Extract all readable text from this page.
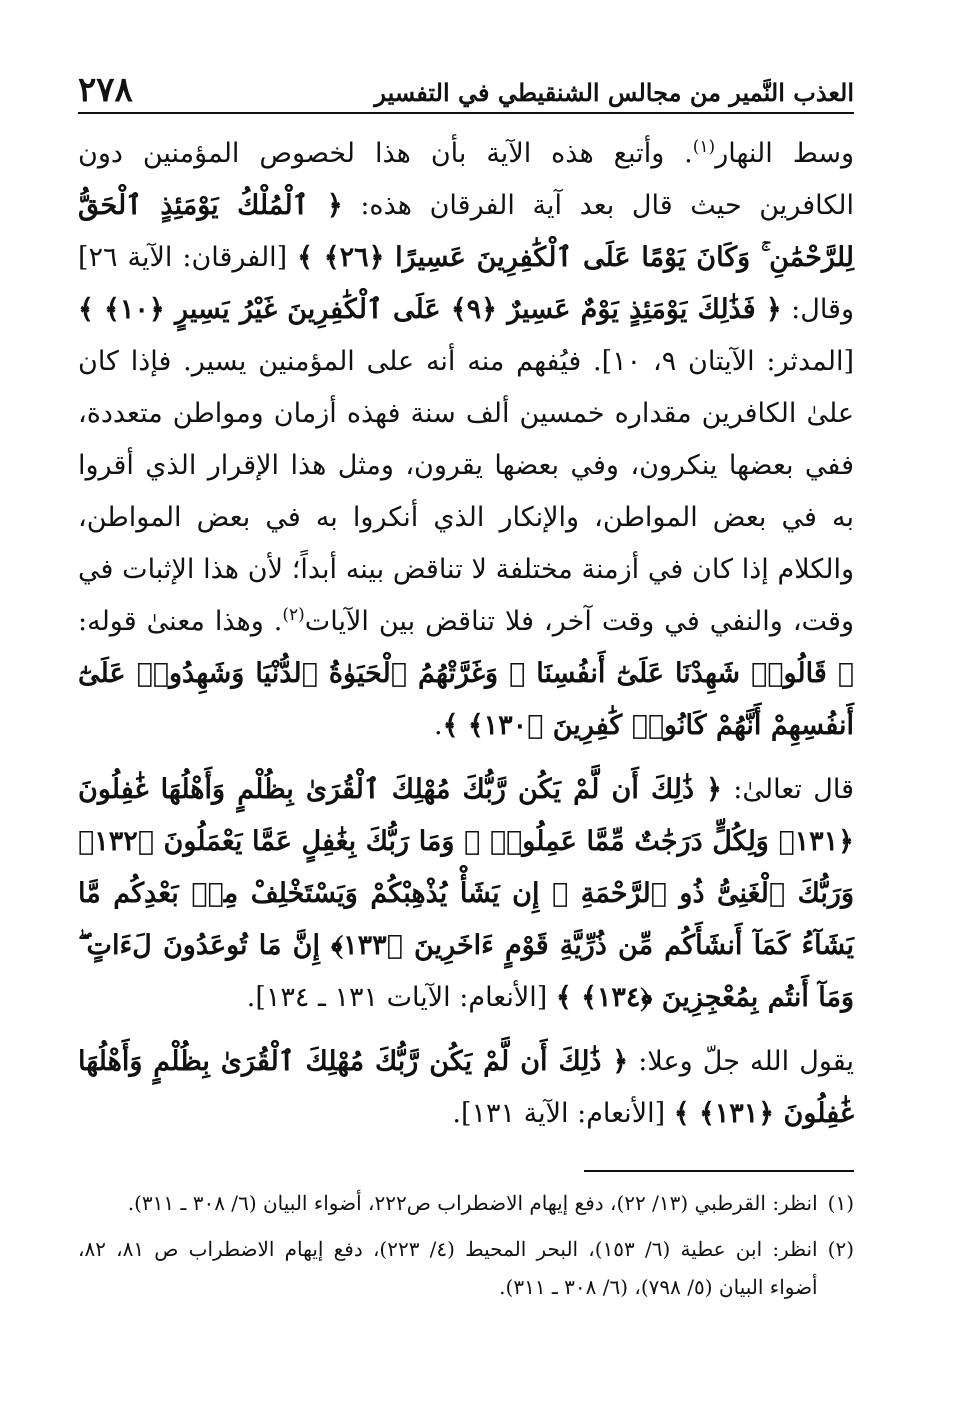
العذب النَّمير من مجالس الشنقيطي في التفسير
٢٧٨

وسط النهار$^{(١)}$. وأتبع هذه الآية بأن هذا لخصوص المؤمنين دون الكافرين حيث قال بعد آية الفرقان هذه: ﴿ ٱلْمُلْكُ يَوْمَئِذٍ ٱلْحَقُّ لِلرَّحْمَٰنِ ۚ وَكَانَ يَوْمًا عَلَى ٱلْكَٰفِرِينَ عَسِيرًا ﴿٢٦﴾ ﴾ [الفرقان: الآية ٢٦] وقال: ﴿ فَذَٰلِكَ يَوْمَئِذٍ يَوْمٌ عَسِيرٌ ﴿٩﴾ عَلَى ٱلْكَٰفِرِينَ غَيْرُ يَسِيرٍ ﴿١٠﴾ ﴾ [المدثر: الآيتان ٩، ١٠]. فيُفهم منه أنه على المؤمنين يسير. فإذا كان علىٰ الكافرين مقداره خمسين ألف سنة فهذه أزمان ومواطن متعددة، ففي بعضها ينكرون، وفي بعضها يقرون، ومثل هذا الإقرار الذي أقروا به في بعض المواطن، والإنكار الذي أنكروا به في بعض المواطن، والكلام إذا كان في أزمنة مختلفة لا تناقض بينه أبداً؛ لأن هذا الإثبات في وقت، والنفي في وقت آخر، فلا تناقض بين الآيات$^{(٢)}$. وهذا معنىٰ قوله: ﴿ قَالُوا۟ شَهِدْنَا عَلَىٰٓ أَنفُسِنَا ۖ وَغَرَّتْهُمُ ٱلْحَيَوٰةُ ٱلدُّنْيَا وَشَهِدُوا۟ عَلَىٰٓ أَنفُسِهِمْ أَنَّهُمْ كَانُوا۟ كَٰفِرِينَ ﴿١٣٠﴾ ﴾.

قال تعالىٰ: ﴿ ذَٰلِكَ أَن لَّمْ يَكُن رَّبُّكَ مُهْلِكَ ٱلْقُرَىٰ بِظُلْمٍ وَأَهْلُهَا غَٰفِلُونَ ﴿١٣١﴾ وَلِكُلٍّ دَرَجَٰتٌ مِّمَّا عَمِلُوا۟ ۚ وَمَا رَبُّكَ بِغَٰفِلٍ عَمَّا يَعْمَلُونَ ﴿١٣٢﴾ وَرَبُّكَ ٱلْغَنِىُّ ذُو ٱلرَّحْمَةِ ۚ إِن يَشَأْ يُذْهِبْكُمْ وَيَسْتَخْلِفْ مِنۢ بَعْدِكُم مَّا يَشَآءُ كَمَآ أَنشَأَكُم مِّن ذُرِّيَّةِ قَوْمٍ ءَاخَرِينَ ﴿١٣٣﴾ إِنَّ مَا تُوعَدُونَ لَءَاتٍ ۖ وَمَآ أَنتُم بِمُعْجِزِينَ ﴿١٣٤﴾ ﴾ [الأنعام: الآيات ١٣١ ـ ١٣٤].

يقول الله جلّ وعلا: ﴿ ذَٰلِكَ أَن لَّمْ يَكُن رَّبُّكَ مُهْلِكَ ٱلْقُرَىٰ بِظُلْمٍ وَأَهْلُهَا غَٰفِلُونَ ﴿١٣١﴾ ﴾ [الأنعام: الآية ١٣١].

(١)
انظر: القرطبي (١٣/ ٢٢)، دفع إيهام الاضطراب ص٢٢٢، أضواء البيان (٦/ ٣٠٨ ـ ٣١١).
(٢)
انظر: ابن عطية (٦/ ١٥٣)، البحر المحيط (٤/ ٢٢٣)، دفع إيهام الاضطراب ص ٨١، ٨٢، أضواء البيان (٥/ ٧٩٨)، (٦/ ٣٠٨ ـ ٣١١).
